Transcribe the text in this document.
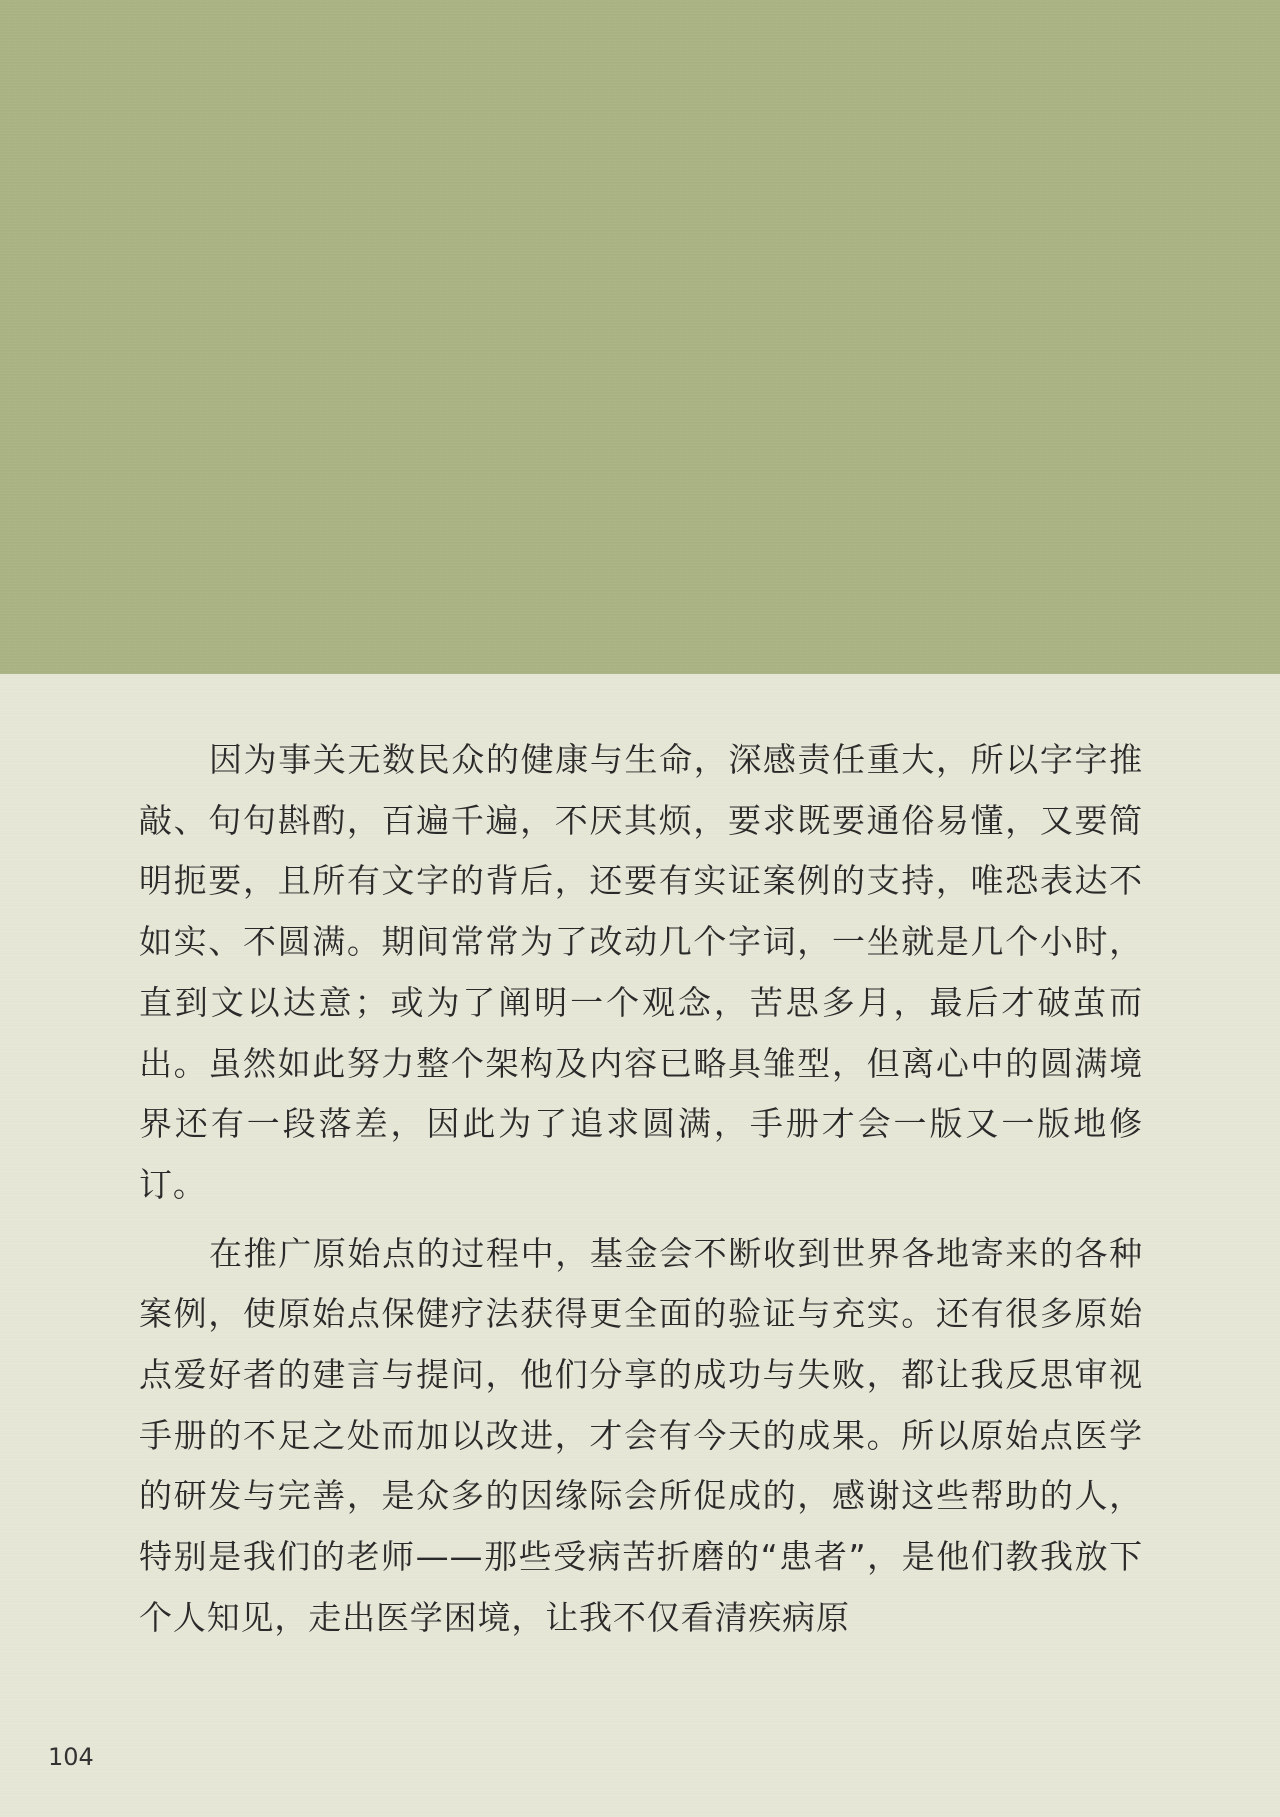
因为事关无数民众的健康与生命，深感责任重大，所以字字推敲、句句斟酌，百遍千遍，不厌其烦，要求既要通俗易懂，又要简明扼要，且所有文字的背后，还要有实证案例的支持，唯恐表达不如实、不圆满。期间常常为了改动几个字词，一坐就是几个小时，直到文以达意；或为了阐明一个观念，苦思多月，最后才破茧而出。虽然如此努力整个架构及内容已略具雏型，但离心中的圆满境界还有一段落差，因此为了追求圆满，手册才会一版又一版地修订。

在推广原始点的过程中，基金会不断收到世界各地寄来的各种案例，使原始点保健疗法获得更全面的验证与充实。还有很多原始点爱好者的建言与提问，他们分享的成功与失败，都让我反思审视手册的不足之处而加以改进，才会有今天的成果。所以原始点医学的研发与完善，是众多的因缘际会所促成的，感谢这些帮助的人，特别是我们的老师——那些受病苦折磨的“患者”，是他们教我放下个人知见，走出医学困境，让我不仅看清疾病原

104
